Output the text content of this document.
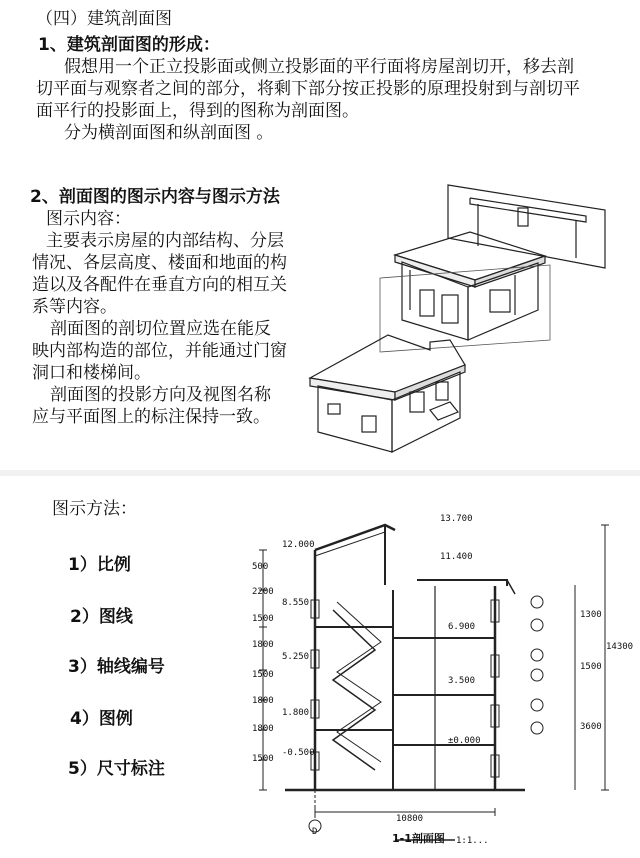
（四）建筑剖面图
1、建筑剖面图的形成：
假想用一个正立投影面或侧立投影面的平行面将房屋剖切开，移去剖
切平面与观察者之间的部分，将剩下部分按正投影的原理投射到与剖切平
面平行的投影面上，得到的图称为剖面图。
分为横剖面图和纵剖面图 。
2、剖面图的图示内容与图示方法
图示内容：
主要表示房屋的内部结构、分层
情况、各层高度、楼面和地面的构
造以及各配件在垂直方向的相互关
系等内容。
剖面图的剖切位置应选在能反
映内部构造的部位，并能通过门窗
洞口和楼梯间。
剖面图的投影方向及视图名称
应与平面图上的标注保持一致。
图示方法：
1）比例
2）图线
3）轴线编号
4）图例
5）尺寸标注
12.000
8.550
5.250
1.800
-0.500
13.700
11.400
6.900
3.500
±0.000
500
2200
1500
1800
1500
1800
1800
1500
1300
1500
3600
14300
10800
D	1-1剖面图 1:1...
